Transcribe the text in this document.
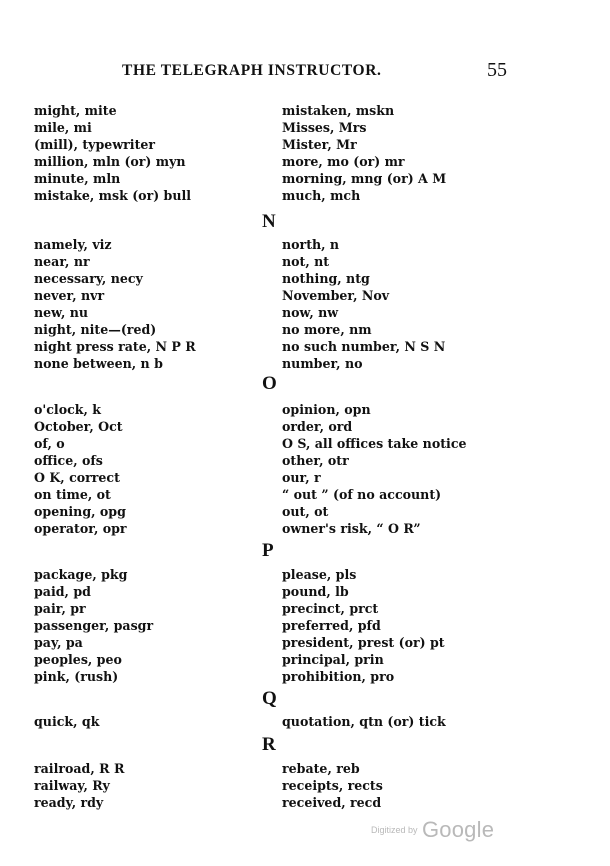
THE TELEGRAPH INSTRUCTOR.	55
might, mite
mile, mi
(mill), typewriter
million, mln (or) myn
minute, mln
mistake, msk (or) bull
mistaken, mskn
Misses, Mrs
Mister, Mr
more, mo (or) mr
morning, mng (or) A M
much, mch
N
namely, viz
near, nr
necessary, necy
never, nvr
new, nu
night, nite—(red)
night press rate, N P R
none between, n b
north, n
not, nt
nothing, ntg
November, Nov
now, nw
no more, nm
no such number, N S N
number, no
O
o'clock, k
October, Oct
of, o
office, ofs
O K, correct
on time, ot
opening, opg
operator, opr
opinion, opn
order, ord
O S, all offices take notice
other, otr
our, r
“ out ” (of no account)
out, ot
owner's risk, “ O R”
P
package, pkg
paid, pd
pair, pr
passenger, pasgr
pay, pa
peoples, peo
pink, (rush)
please, pls
pound, lb
precinct, prct
preferred, pfd
president, prest (or) pt
principal, prin
prohibition, pro
Q
quick, qk	quotation, qtn (or) tick
R
railroad, R R
railway, Ry
ready, rdy
rebate, reb
receipts, rects
received, recd
$^{Digitized by}$ Google
